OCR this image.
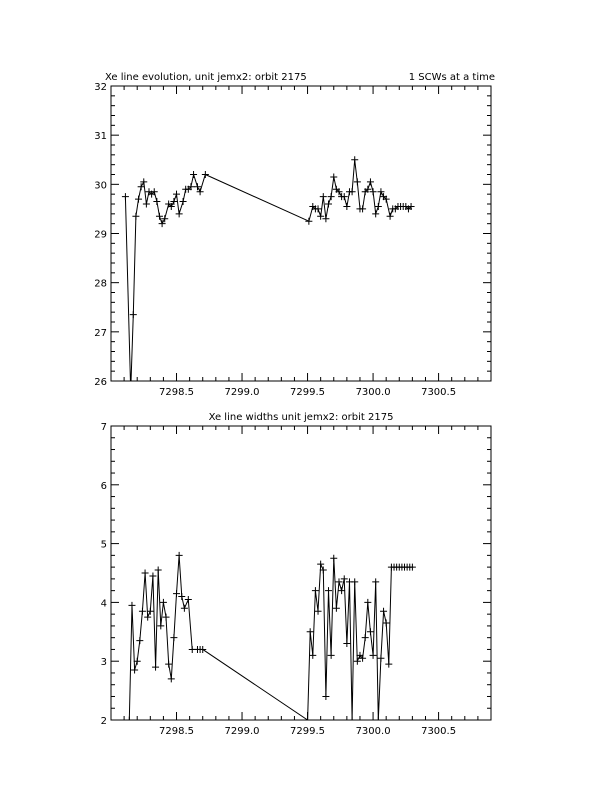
Xe line evolution, unit jemx2: orbit 2175	1 SCWs at a time
26
27
28
29
30
31
32
7298.5	7299.0	7299.5	7300.0	7300.5
Xe line widths unit jemx2: orbit 2175
2
3
4
5
6
7
7298.5	7299.0	7299.5	7300.0	7300.5
